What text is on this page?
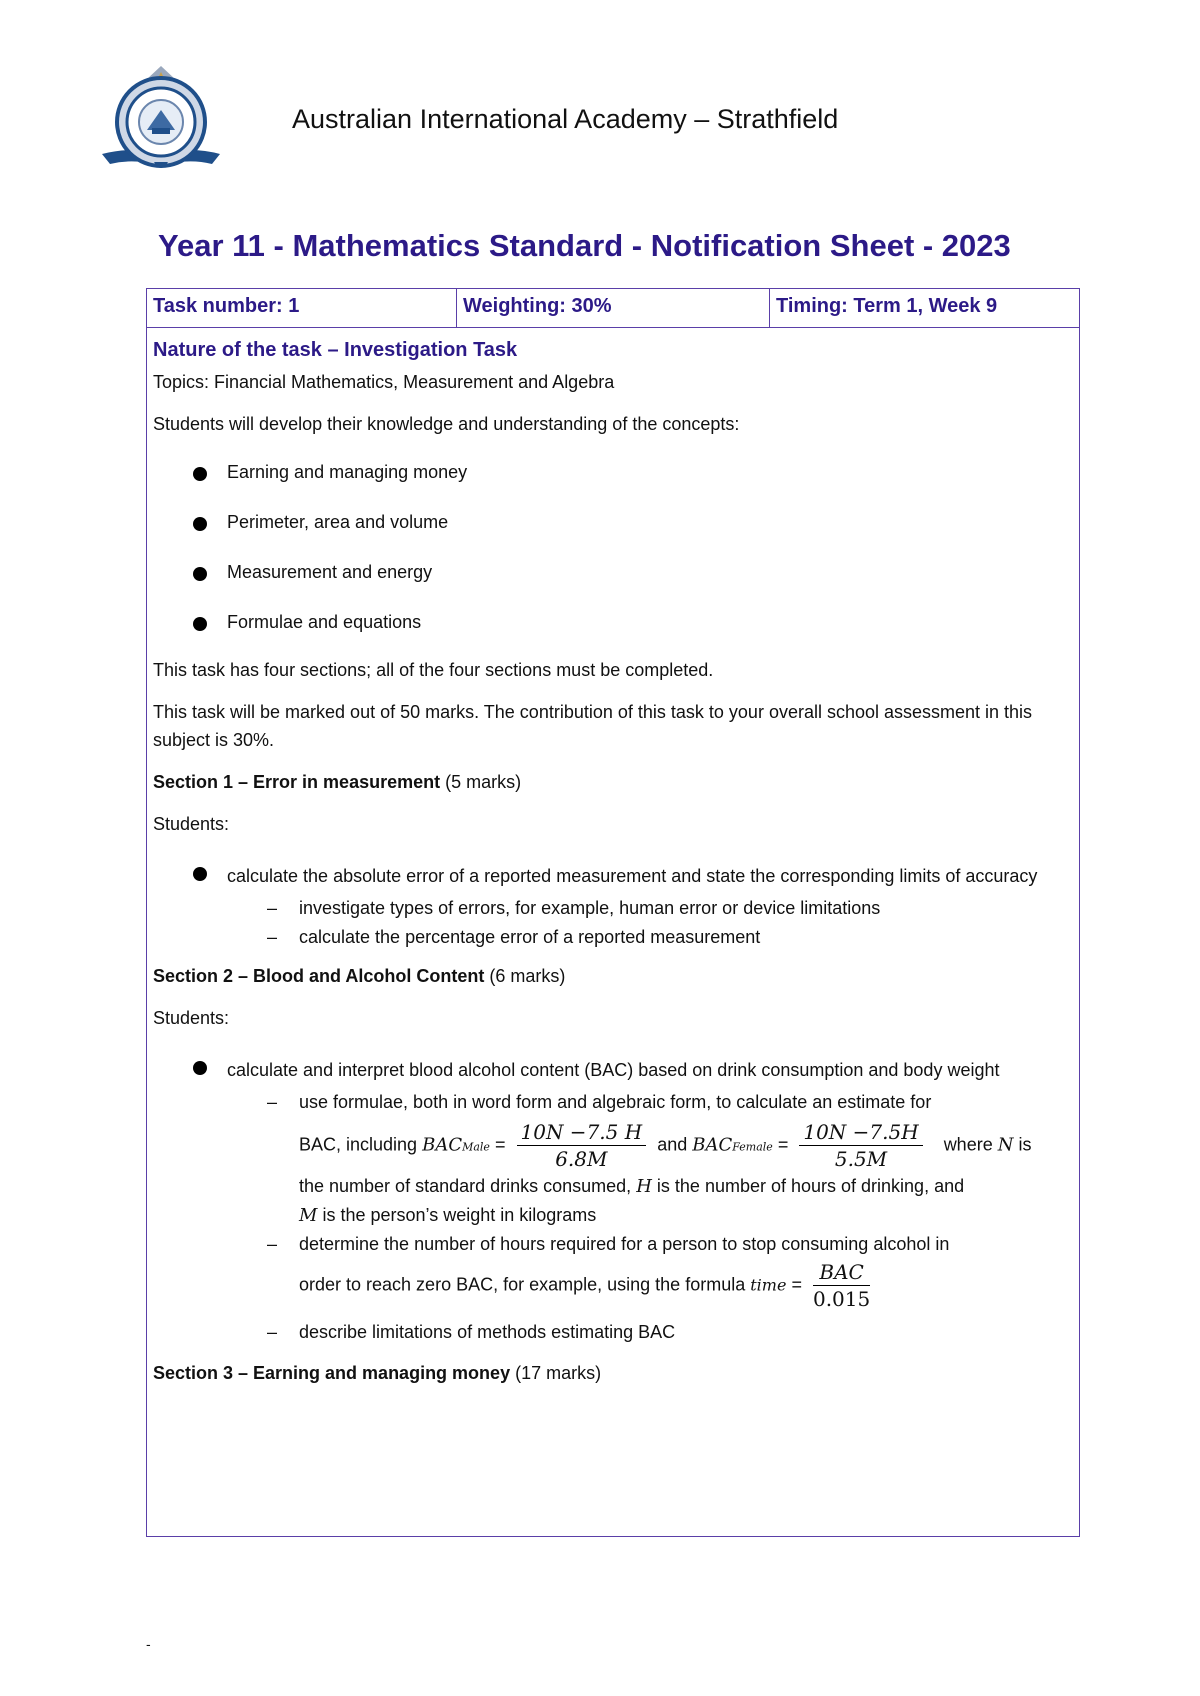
Australian International Academy – Strathfield
Year 11 - Mathematics Standard - Notification Sheet - 2023
Task number: 1	Weighting: 30%	Timing: Term 1, Week 9
Nature of the task – Investigation Task

Topics: Financial Mathematics, Measurement and Algebra

Students will develop their knowledge and understanding of the concepts:

Earning and managing money
Perimeter, area and volume
Measurement and energy
Formulae and equations

This task has four sections; all of the four sections must be completed.

This task will be marked out of 50 marks. The contribution of this task to your overall school assessment in this subject is 30%.

Section 1 – Error in measurement (5 marks)

Students:

calculate the absolute error of a reported measurement and state the corresponding limits of accuracy
– investigate types of errors, for example, human error or device limitations
– calculate the percentage error of a reported measurement

Section 2 – Blood and Alcohol Content (6 marks)

Students:

calculate and interpret blood alcohol content (BAC) based on drink consumption and body weight
– use formulae, both in word form and algebraic form, to calculate an estimate for
BAC, including BACMale = $\frac{10N -7.5 H}{6.8M}$ and BACFemale = $\frac{10N -7.5H}{5.5M}$ where N is
the number of standard drinks consumed, H is the number of hours of drinking, and
M is the person’s weight in kilograms
– determine the number of hours required for a person to stop consuming alcohol in
order to reach zero BAC, for example, using the formula time = $\frac{\text{BAC}}{0.015}$
– describe limitations of methods estimating BAC

Section 3 – Earning and managing money (17 marks)

-
